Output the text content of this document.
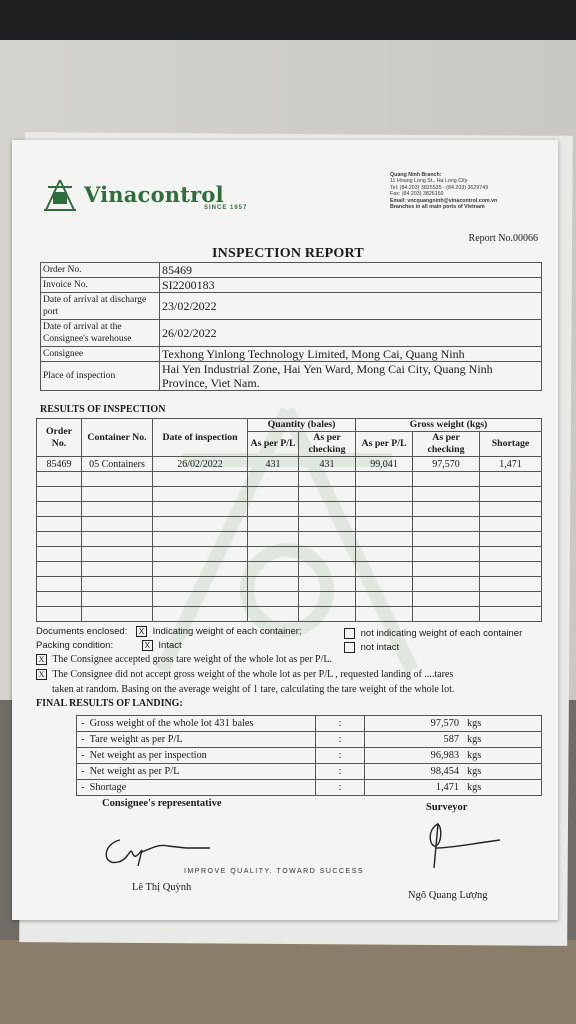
Vinacontrol
SINCE 1957
Quang Ninh Branch:
11 Hoang Long St., Ha Long City
Tel: (84.203) 3825535 - (84.203) 3629749
Fax: (84.203) 3826169
Email: vncquangninh@vinacontrol.com.vn
Branches in all main ports of Vietnam
Report No.00066
INSPECTION REPORT
Order No.	85469
Invoice No.	SI2200183
Date of arrival at discharge port	23/02/2022
Date of arrival at the Consignee's warehouse	26/02/2022
Consignee	Texhong Yinlong Technology Limited, Mong Cai, Quang Ninh
Place of inspection	Hai Yen Industrial Zone, Hai Yen Ward, Mong Cai City, Quang Ninh Province, Viet Nam.
RESULTS OF INSPECTION
Order No.	Container No.	Date of inspection	Quantity (bales)		Gross weight (kgs)		
			As per P/L	As per checking	As per P/L	As per checking	Shortage
85469	05 Containers	26/02/2022	431	431	99,041	97,570	1,471

Documents enclosed: X Indicating weight of each container;	not indicating weight of each container
Packing condition:	X Intact	not intact
X The Consignee accepted gross tare weight of the whole lot as per P/L.
X The Consignee did not accept gross weight of the whole lot as per P/L , requested landing of ....tares
taken at random. Basing on the average weight of 1 tare, calculating the tare weight of the whole lot.
FINAL RESULTS OF LANDING:
- Gross weight of the whole lot 431 bales	:	97,570	kgs
- Tare weight as per P/L	:	587	kgs
- Net weight as per inspection	:	96,983	kgs
- Net weight as per P/L	:	98,454	kgs
- Shortage	:	1,471	kgs
Consignee's representative	Surveyor
Lê Thị Quỳnh
Ngô Quang Lượng
IMPROVE QUALITY. TOWARD SUCCESS
